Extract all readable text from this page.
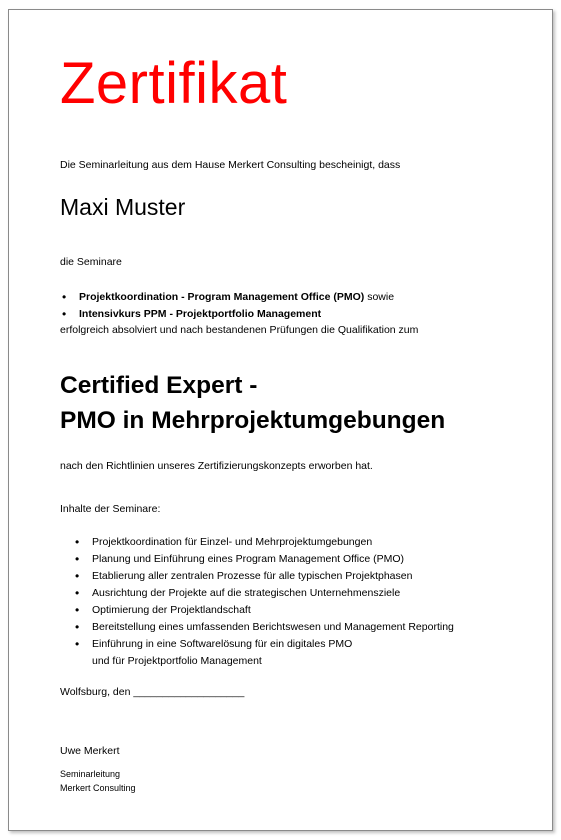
Zertifikat
Die Seminarleitung aus dem Hause Merkert Consulting bescheinigt, dass
Maxi Muster
die Seminare
• Projektkoordination - Program Management Office (PMO) sowie
• Intensivkurs PPM - Projektportfolio Management
erfolgreich absolviert und nach bestandenen Prüfungen die Qualifikation zum
Certified Expert -
PMO in Mehrprojektumgebungen
nach den Richtlinien unseres Zertifizierungskonzepts erworben hat.
Inhalte der Seminare:
• Projektkoordination für Einzel- und Mehrprojektumgebungen
• Planung und Einführung eines Program Management Office (PMO)
• Etablierung aller zentralen Prozesse für alle typischen Projektphasen
• Ausrichtung der Projekte auf die strategischen Unternehmensziele
• Optimierung der Projektlandschaft
• Bereitstellung eines umfassenden Berichtswesen und Management Reporting
• Einführung in eine Softwarelösung für ein digitales PMO
und für Projektportfolio Management
Wolfsburg, den ___________________
Uwe Merkert
Seminarleitung
Merkert Consulting
